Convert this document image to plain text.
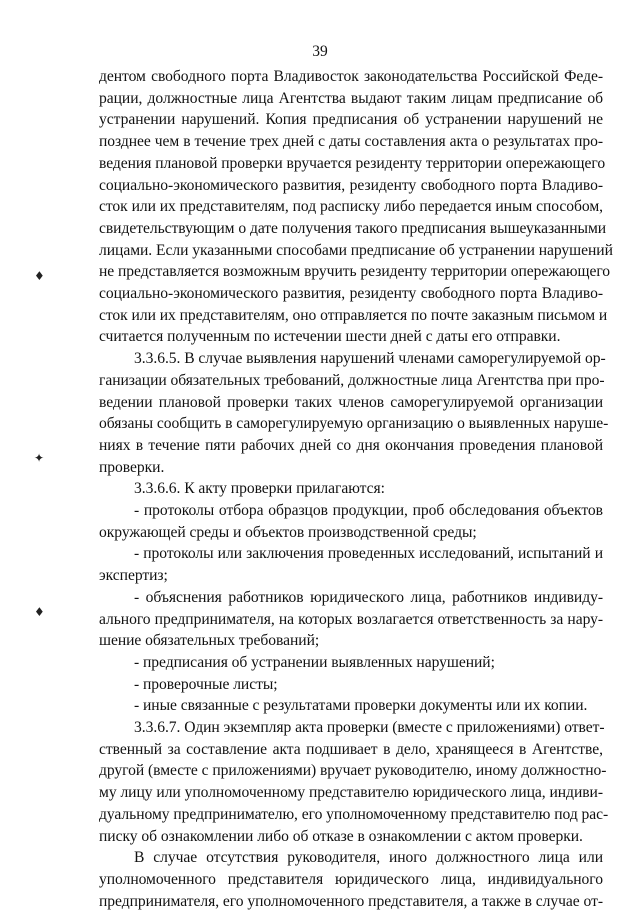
39
дентом свободного порта Владивосток законодательства Российской Феде-
рации, должностные лица Агентства выдают таким лицам предписание об
устранении нарушений. Копия предписания об устранении нарушений не
позднее чем в течение трех дней с даты составления акта о результатах про-
ведения плановой проверки вручается резиденту территории опережающего
социально-экономического развития, резиденту свободного порта Владиво-
сток или их представителям, под расписку либо передается иным способом,
свидетельствующим о дате получения такого предписания вышеуказанными
лицами. Если указанными способами предписание об устранении нарушений
не представляется возможным вручить резиденту территории опережающего
социально-экономического развития, резиденту свободного порта Владиво-
сток или их представителям, оно отправляется по почте заказным письмом и
считается полученным по истечении шести дней с даты его отправки.
3.3.6.5. В случае выявления нарушений членами саморегулируемой ор-
ганизации обязательных требований, должностные лица Агентства при про-
ведении плановой проверки таких членов саморегулируемой организации
обязаны сообщить в саморегулируемую организацию о выявленных наруше-
ниях в течение пяти рабочих дней со дня окончания проведения плановой
проверки.
3.3.6.6. К акту проверки прилагаются:
- протоколы отбора образцов продукции, проб обследования объектов
окружающей среды и объектов производственной среды;
- протоколы или заключения проведенных исследований, испытаний и
экспертиз;
- объяснения работников юридического лица, работников индивиду-
ального предпринимателя, на которых возлагается ответственность за нару-
шение обязательных требований;
- предписания об устранении выявленных нарушений;
- проверочные листы;
- иные связанные с результатами проверки документы или их копии.
3.3.6.7. Один экземпляр акта проверки (вместе с приложениями) ответ-
ственный за составление акта подшивает в дело, хранящееся в Агентстве,
другой (вместе с приложениями) вручает руководителю, иному должностно-
му лицу или уполномоченному представителю юридического лица, индиви-
дуальному предпринимателю, его уполномоченному представителю под рас-
писку об ознакомлении либо об отказе в ознакомлении с актом проверки.
В случае отсутствия руководителя, иного должностного лица или
уполномоченного представителя юридического лица, индивидуального
предпринимателя, его уполномоченного представителя, а также в случае от-
♦
✦
♦
